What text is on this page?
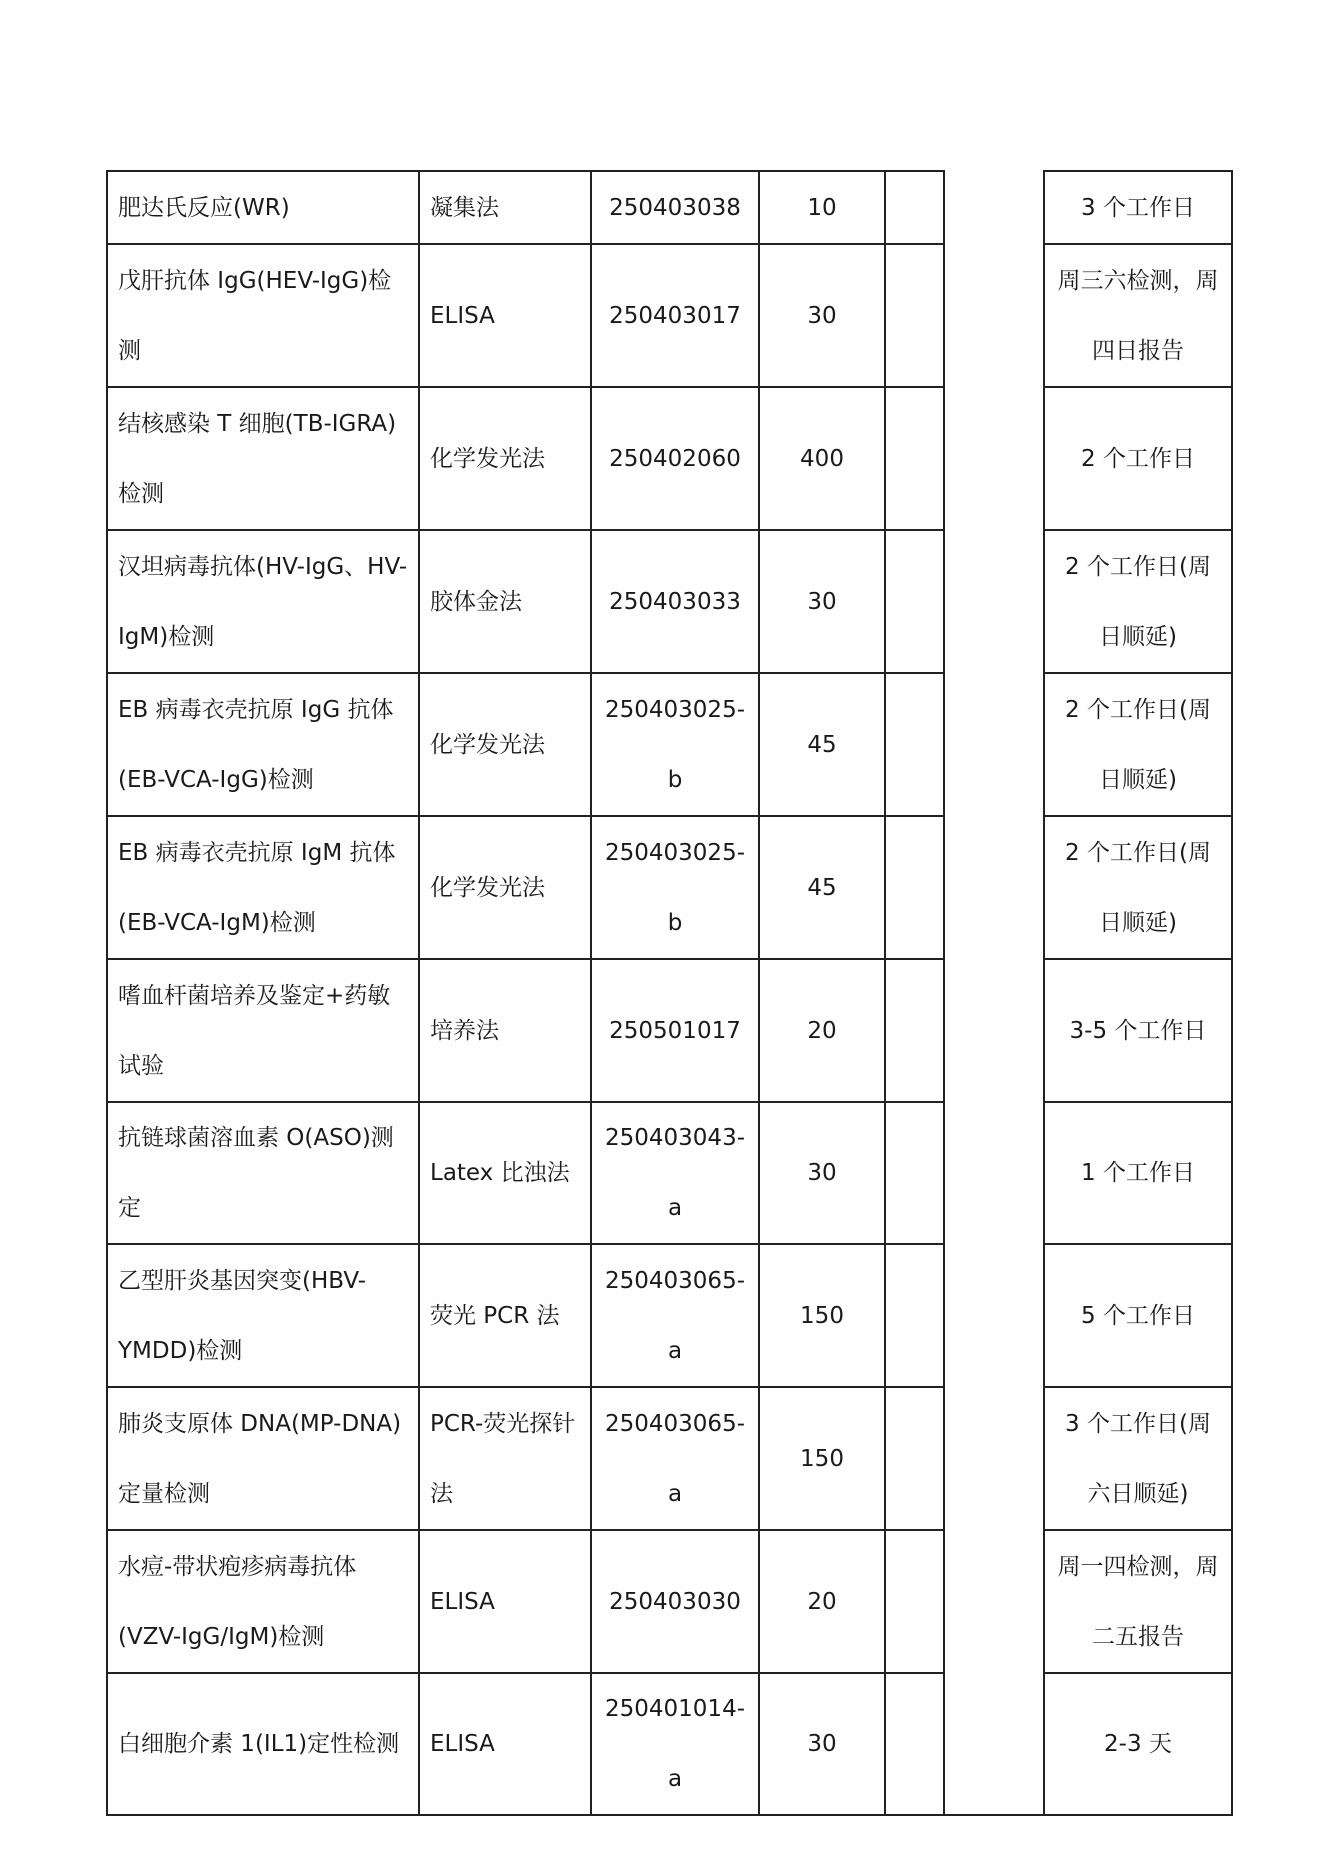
肥达氏反应(WR)	凝集法	250403038	10			3 个工作日
戊肝抗体 IgG(HEV-IgG)检测	ELISA	250403017	30			周三六检测，周四日报告
结核感染 T 细胞(TB-IGRA)检测	化学发光法	250402060	400			2 个工作日
汉坦病毒抗体(HV-IgG、HV-IgM)检测	胶体金法	250403033	30			2 个工作日(周日顺延)
EB 病毒衣壳抗原 IgG 抗体(EB-VCA-IgG)检测	化学发光法	250403025-b	45			2 个工作日(周日顺延)
EB 病毒衣壳抗原 IgM 抗体(EB-VCA-IgM)检测	化学发光法	250403025-b	45			2 个工作日(周日顺延)
嗜血杆菌培养及鉴定+药敏试验	培养法	250501017	20			3-5 个工作日
抗链球菌溶血素 O(ASO)测定	Latex 比浊法	250403043-a	30			1 个工作日
乙型肝炎基因突变(HBV-YMDD)检测	荧光 PCR 法	250403065-a	150			5 个工作日
肺炎支原体 DNA(MP-DNA)定量检测	PCR-荧光探针法	250403065-a	150			3 个工作日(周六日顺延)
水痘-带状疱疹病毒抗体(VZV-IgG/IgM)检测	ELISA	250403030	20			周一四检测，周二五报告
白细胞介素 1(IL1)定性检测	ELISA	250401014-a	30			2-3 天
